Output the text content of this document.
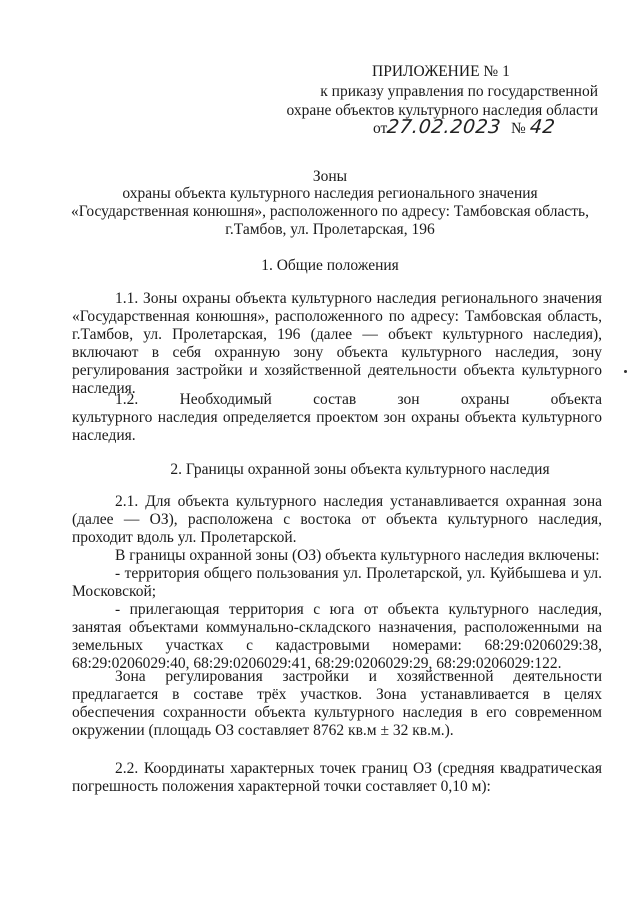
ПРИЛОЖЕНИЕ № 1
к приказу управления по государственной
охране объектов культурного наследия области
от27.02.2023 № 42
Зоны
охраны объекта культурного наследия регионального значения
«Государственная конюшня», расположенного по адресу: Тамбовская область,
г.Тамбов, ул. Пролетарская, 196
1. Общие положения
1.1. Зоны охраны объекта культурного наследия регионального значения «Государственная конюшня», расположенного по адресу: Тамбовская область, г.Тамбов, ул. Пролетарская, 196 (далее — объект культурного наследия), включают в себя охранную зону объекта культурного наследия, зону регулирования застройки и хозяйственной деятельности объекта культурного наследия.
1.2. Необходимый состав зон охраны объекта
культурного наследия определяется проектом зон охраны объекта культурного наследия.
2. Границы охранной зоны объекта культурного наследия
2.1. Для объекта культурного наследия устанавливается охранная зона (далее — ОЗ), расположена с востока от объекта культурного наследия, проходит вдоль ул. Пролетарской.
В границы охранной зоны (ОЗ) объекта культурного наследия включены:
- территория общего пользования ул. Пролетарской, ул. Куйбышева и ул. Московской;
- прилегающая территория с юга от объекта культурного наследия, занятая объектами коммунально-складского назначения, расположенными на земельных участках с кадастровыми номерами: 68:29:0206029:38, 68:29:0206029:40, 68:29:0206029:41, 68:29:0206029:29, 68:29:0206029:122.
Зона регулирования застройки и хозяйственной деятельности предлагается в составе трёх участков. Зона устанавливается в целях обеспечения сохранности объекта культурного наследия в его современном окружении (площадь ОЗ составляет 8762 кв.м ± 32 кв.м.).
2.2. Координаты характерных точек границ ОЗ (средняя квадратическая погрешность положения характерной точки составляет 0,10 м):
